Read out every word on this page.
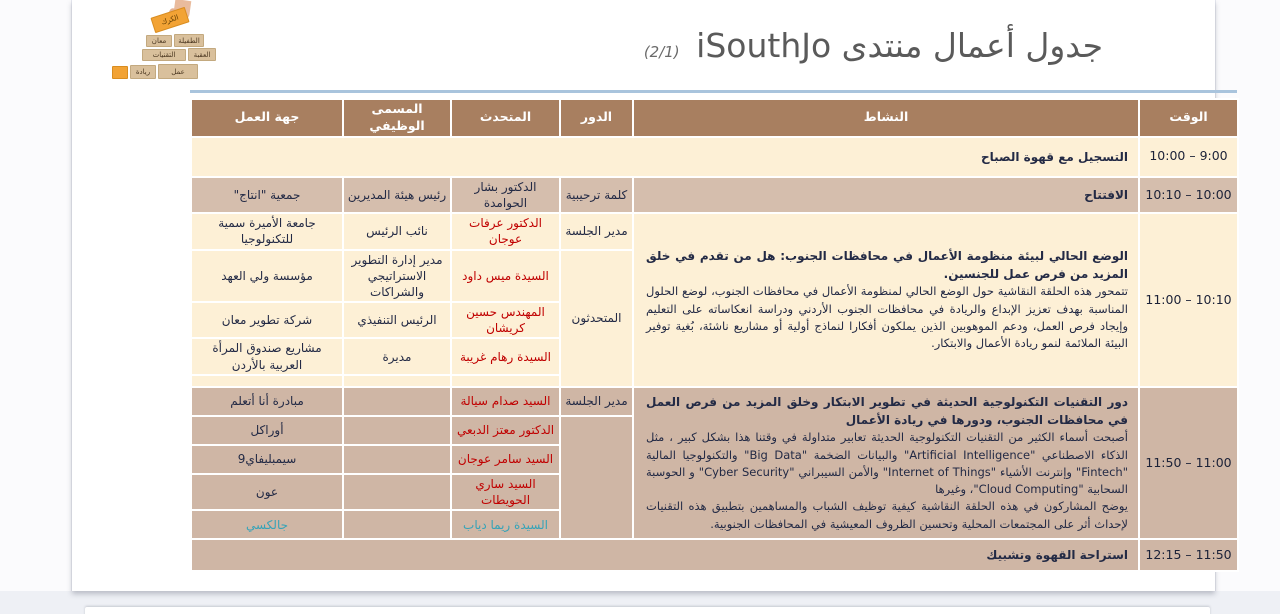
الكرك
معان	الطفيلة
التقنيات	العقبة
ريادة	عمل
جدول أعمال منتدى iSouthJo (2/1)
الوقت	النشاط	الدور	المتحدث	المسمى الوظيفي	جهة العمل
10:00 – 9:00	التسجيل مع قهوة الصباح				
10:10 – 10:00	الافتتاح	كلمة ترحيبية	الدكتور بشار الحوامدة	رئيس هيئة المديرين	جمعية "انتاج"
11:00 – 10:10	الوضع الحالي لبيئة منظومة الأعمال في محافظات الجنوب: هل من تقدم في خلق المزيد من فرص عمل للجنسين.

تتمحور هذه الحلقة النقاشية حول الوضع الحالي لمنظومة الأعمال في محافظات الجنوب، لوضع الحلول المناسبة بهدف تعزيز الإبداع والريادة في محافظات الجنوب الأردني ودراسة انعكاساته على التعليم وإيجاد فرص العمل، ودعم الموهوبين الذين يملكون أفكارا لنماذج أولية أو مشاريع ناشئة، بُغية توفير البيئة الملائمة لنمو ريادة الأعمال والابتكار.	مدير الجلسة	الدكتور عرفات عوجان	نائب الرئيس	جامعة الأميرة سمية للتكنولوجيا
		المتحدثون	السيدة ميس داود	مدير إدارة التطوير الاستراتيجي والشراكات	مؤسسة ولي العهد
			المهندس حسين كريشان	الرئيس التنفيذي	شركة تطوير معان
			السيدة رهام غريبة	مديرة	مشاريع صندوق المرأة العربية بالأردن

11:50 – 11:00	دور التقنيات التكنولوجية الحديثة في تطوير الابتكار وخلق المزيد من فرص العمل في محافظات الجنوب، ودورها في ريادة الأعمال

أصبحت أسماء الكثير من التقنيات التكنولوجية الحديثة تعابير متداولة في وقتنا هذا بشكل كبير ، مثل الذكاء الاصطناعي "Artificial Intelligence" والبيانات الضخمة "Big Data" والتكنولوجيا المالية "Fintech" وإنترنت الأشياء "Internet of Things" والأمن السيبراني "Cyber Security" و الحوسبة السحابية "Cloud Computing"، وغيرها

يوضح المشاركون في هذه الحلقة النقاشية كيفية توظيف الشباب والمساهمين بتطبيق هذه التقنيات لإحداث أثر على المجتمعات المحلية وتحسين الظروف المعيشية في المحافظات الجنوبية.	مدير الجلسة	السيد صدام سيالة		مبادرة أنا أتعلم
			الدكتور معتز الدبعي		أوراكل
			السيد سامر عوجان		سيمبليفاي9
			السيد ساري الحويطات		عون
			السيدة ريما دياب		جالكسي
12:15 – 11:50	استراحة القهوة وتشبيك				
